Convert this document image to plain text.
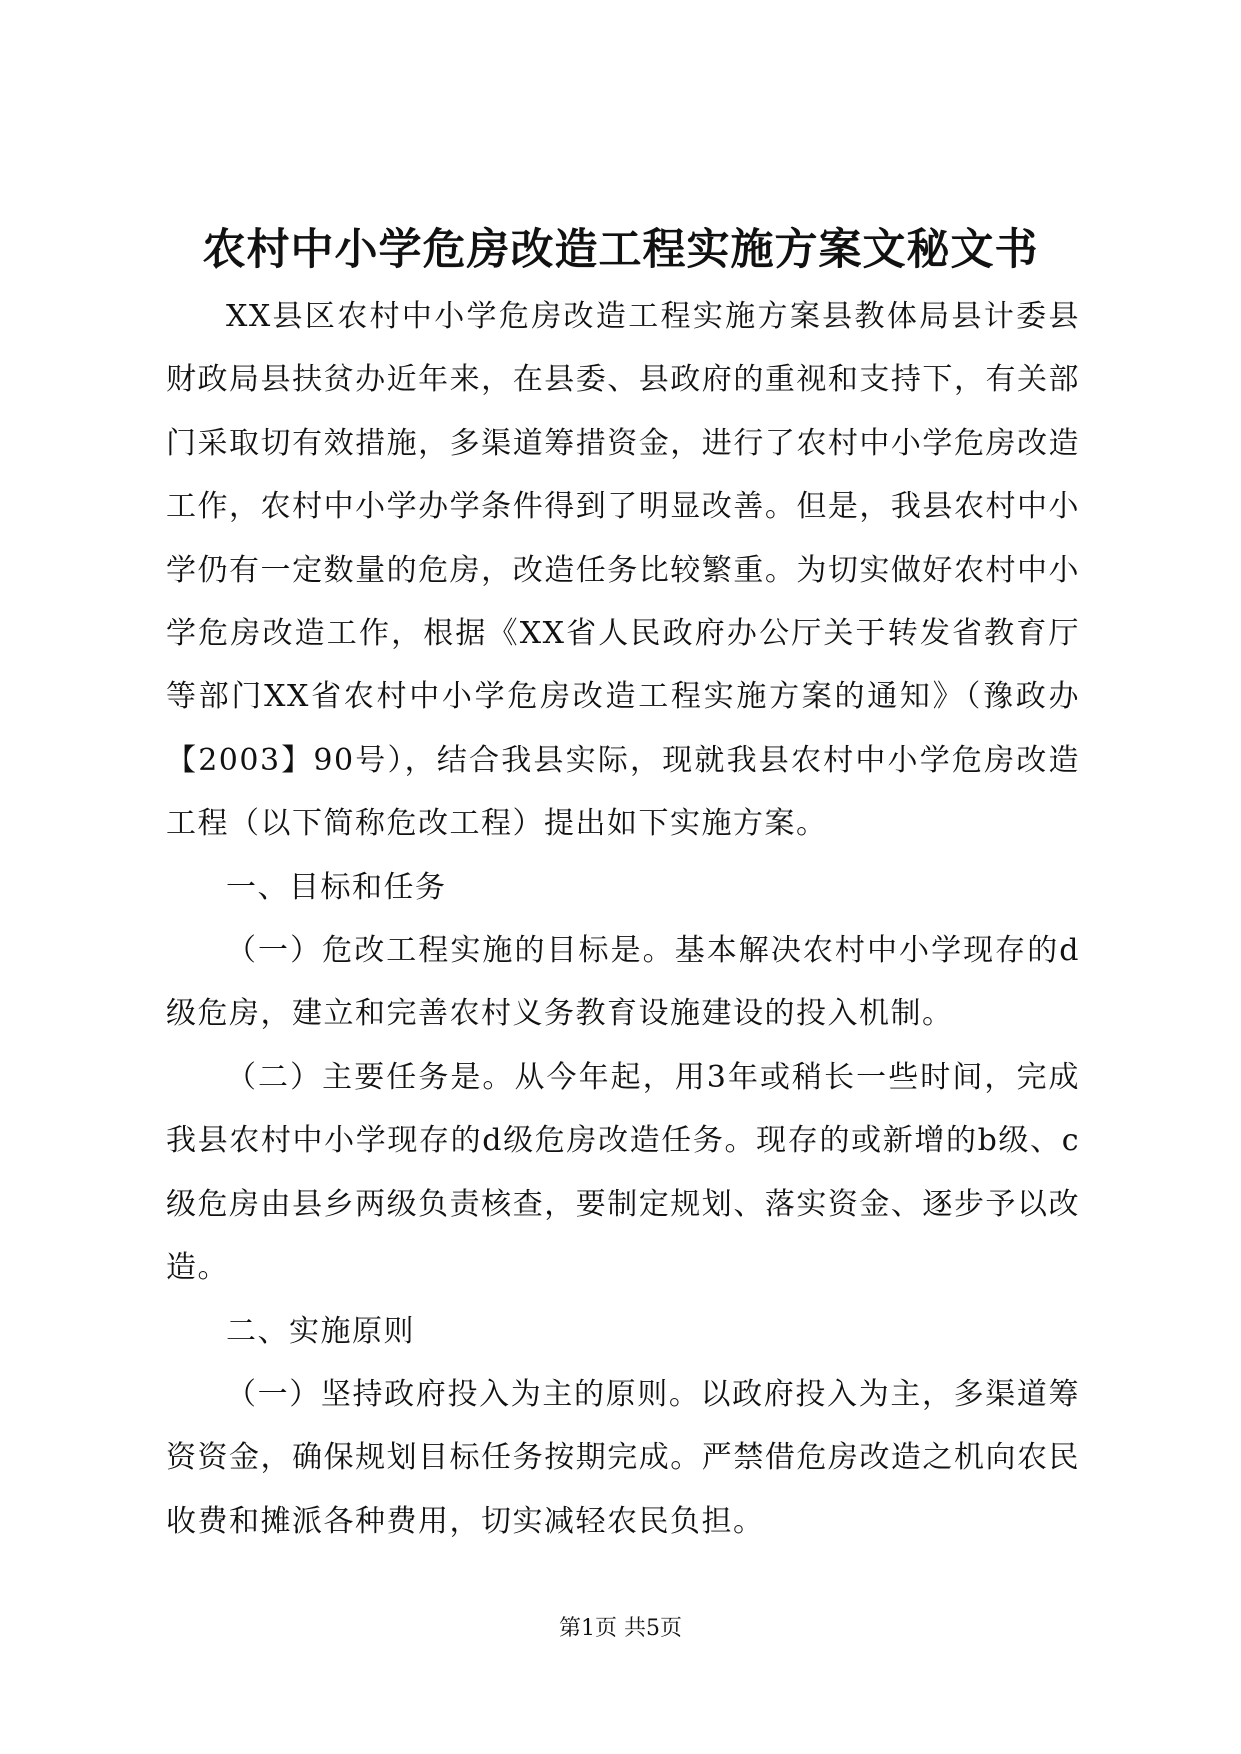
农村中小学危房改造工程实施方案文秘文书

XX县区农村中小学危房改造工程实施方案县教体局县计委县财政局县扶贫办近年来，在县委、县政府的重视和支持下，有关部门采取切有效措施，多渠道筹措资金，进行了农村中小学危房改造工作，农村中小学办学条件得到了明显改善。但是，我县农村中小学仍有一定数量的危房，改造任务比较繁重。为切实做好农村中小学危房改造工作，根据《XX省人民政府办公厅关于转发省教育厅等部门XX省农村中小学危房改造工程实施方案的通知》（豫政办【2003】90号），结合我县实际，现就我县农村中小学危房改造工程（以下简称危改工程）提出如下实施方案。

一、目标和任务

（一）危改工程实施的目标是。基本解决农村中小学现存的d级危房，建立和完善农村义务教育设施建设的投入机制。

（二）主要任务是。从今年起，用3年或稍长一些时间，完成我县农村中小学现存的d级危房改造任务。现存的或新增的b级、c级危房由县乡两级负责核查，要制定规划、落实资金、逐步予以改造。

二、实施原则

（一）坚持政府投入为主的原则。以政府投入为主，多渠道筹资资金，确保规划目标任务按期完成。严禁借危房改造之机向农民收费和摊派各种费用，切实减轻农民负担。

第1页 共5页
